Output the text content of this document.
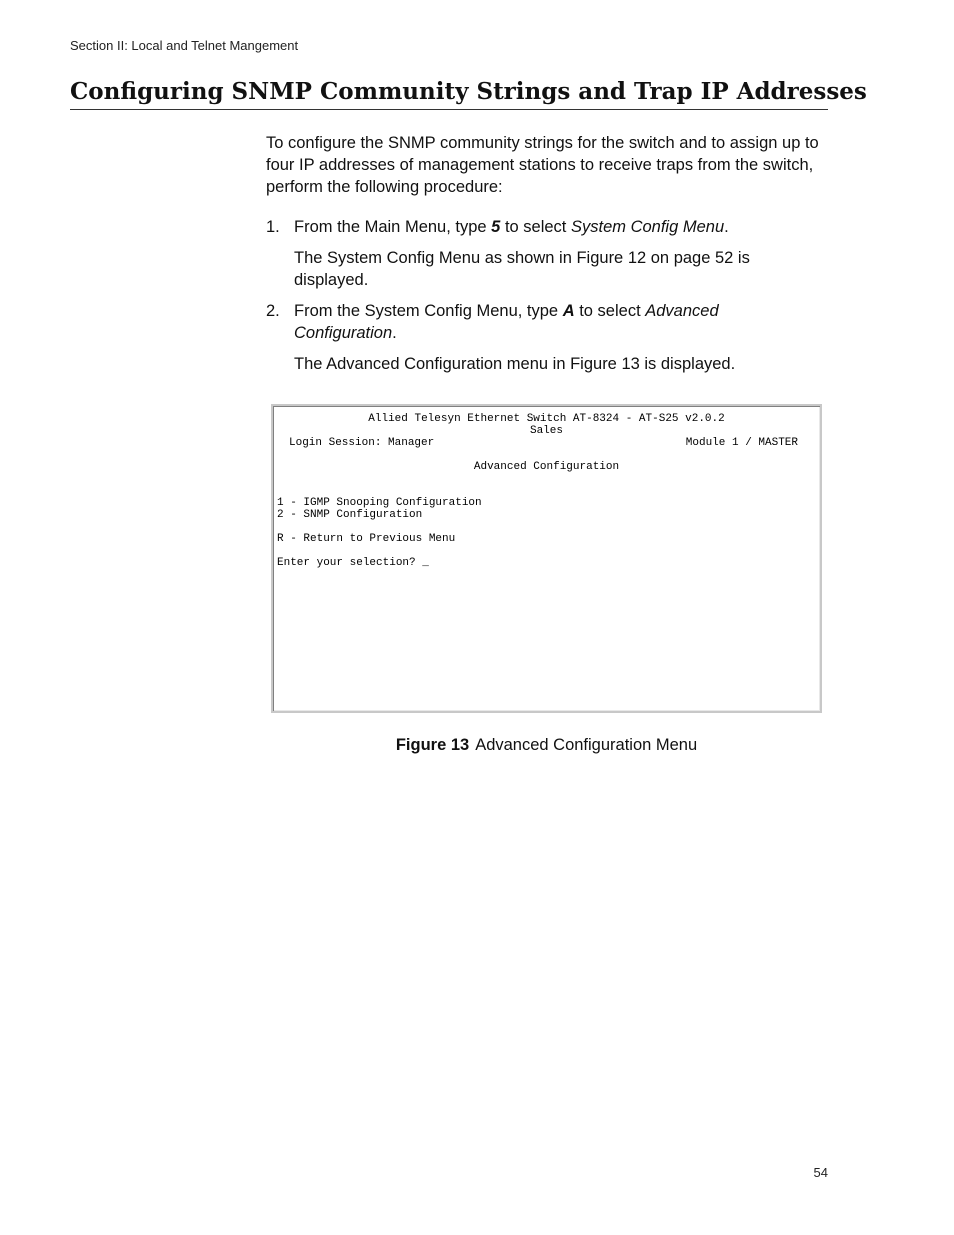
Section II: Local and Telnet Mangement
Configuring SNMP Community Strings and Trap IP Addresses

To configure the SNMP community strings for the switch and to assign up to four IP addresses of management stations to receive traps from the switch, perform the following procedure:

1. From the Main Menu, type 5 to select System Config Menu.

The System Config Menu as shown in Figure 12 on page 52 is displayed.

2. From the System Config Menu, type A to select Advanced Configuration.

The Advanced Configuration menu in Figure 13 is displayed.

Allied Telesyn Ethernet Switch AT-8324 - AT-S25 v2.0.2
Sales
Login Session: Manager	Module 1 / MASTER
Advanced Configuration
1 - IGMP Snooping Configuration
2 - SNMP Configuration
R - Return to Previous Menu
Enter your selection? _
Figure 13 Advanced Configuration Menu
54
